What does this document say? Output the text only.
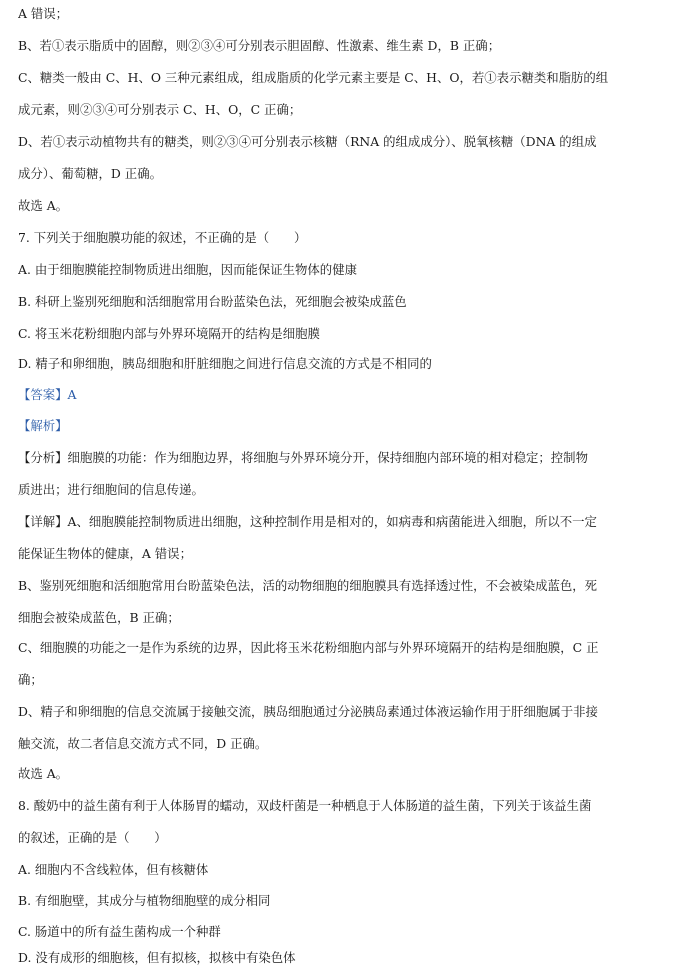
A 错误；
B、若①表示脂质中的固醇，则②③④可分别表示胆固醇、性激素、维生素 D，B 正确；
C、糖类一般由 C、H、O 三种元素组成，组成脂质的化学元素主要是 C、H、O，若①表示糖类和脂肪的组
成元素，则②③④可分别表示 C、H、O，C 正确；
D、若①表示动植物共有的糖类，则②③④可分别表示核糖（RNA 的组成成分）、脱氧核糖（DNA 的组成
成分）、葡萄糖，D 正确。
故选 A。
7. 下列关于细胞膜功能的叙述，不正确的是（　　）
A. 由于细胞膜能控制物质进出细胞，因而能保证生物体的健康
B. 科研上鉴别死细胞和活细胞常用台盼蓝染色法，死细胞会被染成蓝色
C. 将玉米花粉细胞内部与外界环境隔开的结构是细胞膜
D. 精子和卵细胞，胰岛细胞和肝脏细胞之间进行信息交流的方式是不相同的
【答案】A
【解析】
【分析】细胞膜的功能：作为细胞边界，将细胞与外界环境分开，保持细胞内部环境的相对稳定；控制物
质进出；进行细胞间的信息传递。
【详解】A、细胞膜能控制物质进出细胞，这种控制作用是相对的，如病毒和病菌能进入细胞，所以不一定
能保证生物体的健康，A 错误；
B、鉴别死细胞和活细胞常用台盼蓝染色法，活的动物细胞的细胞膜具有选择透过性，不会被染成蓝色，死
细胞会被染成蓝色，B 正确；
C、细胞膜的功能之一是作为系统的边界，因此将玉米花粉细胞内部与外界环境隔开的结构是细胞膜，C 正
确；
D、精子和卵细胞的信息交流属于接触交流，胰岛细胞通过分泌胰岛素通过体液运输作用于肝细胞属于非接
触交流，故二者信息交流方式不同，D 正确。
故选 A。
8. 酸奶中的益生菌有利于人体肠胃的蠕动，双歧杆菌是一种栖息于人体肠道的益生菌，下列关于该益生菌
的叙述，正确的是（　　）
A. 细胞内不含线粒体，但有核糖体
B. 有细胞壁，其成分与植物细胞壁的成分相同
C. 肠道中的所有益生菌构成一个种群
D. 没有成形的细胞核，但有拟核，拟核中有染色体
